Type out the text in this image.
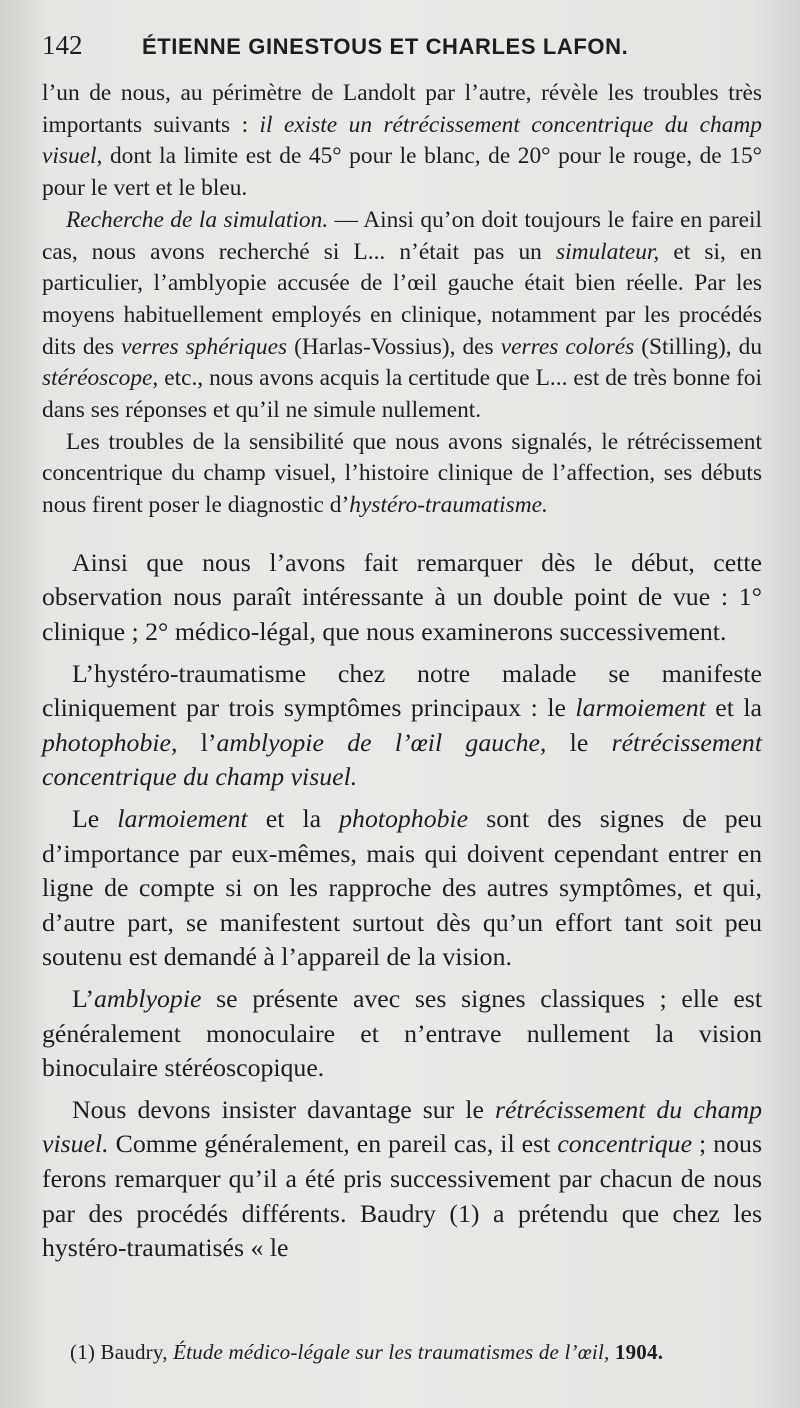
142	ÉTIENNE GINESTOUS ET CHARLES LAFON.

l’un de nous, au périmètre de Landolt par l’autre, révèle les troubles très importants suivants : il existe un rétrécissement concentrique du champ visuel, dont la limite est de 45° pour le blanc, de 20° pour le rouge, de 15° pour le vert et le bleu.

Recherche de la simulation. — Ainsi qu’on doit toujours le faire en pareil cas, nous avons recherché si L... n’était pas un simulateur, et si, en particulier, l’amblyopie accusée de l’œil gauche était bien réelle. Par les moyens habituellement employés en clinique, notamment par les procédés dits des verres sphériques (Harlas-Vossius), des verres colorés (Stilling), du stéréoscope, etc., nous avons acquis la certitude que L... est de très bonne foi dans ses réponses et qu’il ne simule nullement.

Les troubles de la sensibilité que nous avons signalés, le rétrécissement concentrique du champ visuel, l’histoire clinique de l’affection, ses débuts nous firent poser le diagnostic d’hystéro-traumatisme.

Ainsi que nous l’avons fait remarquer dès le début, cette observation nous paraît intéressante à un double point de vue : 1° clinique ; 2° médico-légal, que nous examinerons successivement.

L’hystéro-traumatisme chez notre malade se manifeste cliniquement par trois symptômes principaux : le larmoiement et la photophobie, l’amblyopie de l’œil gauche, le rétrécissement concentrique du champ visuel.

Le larmoiement et la photophobie sont des signes de peu d’importance par eux-mêmes, mais qui doivent cependant entrer en ligne de compte si on les rapproche des autres symptômes, et qui, d’autre part, se manifestent surtout dès qu’un effort tant soit peu soutenu est demandé à l’appareil de la vision.

L’amblyopie se présente avec ses signes classiques ; elle est généralement monoculaire et n’entrave nullement la vision binoculaire stéréoscopique.

Nous devons insister davantage sur le rétrécissement du champ visuel. Comme généralement, en pareil cas, il est concentrique ; nous ferons remarquer qu’il a été pris successivement par chacun de nous par des procédés différents. Baudry (1) a prétendu que chez les hystéro-traumatisés « le

(1) Baudry, Étude médico-légale sur les traumatismes de l’œil, 1904.
